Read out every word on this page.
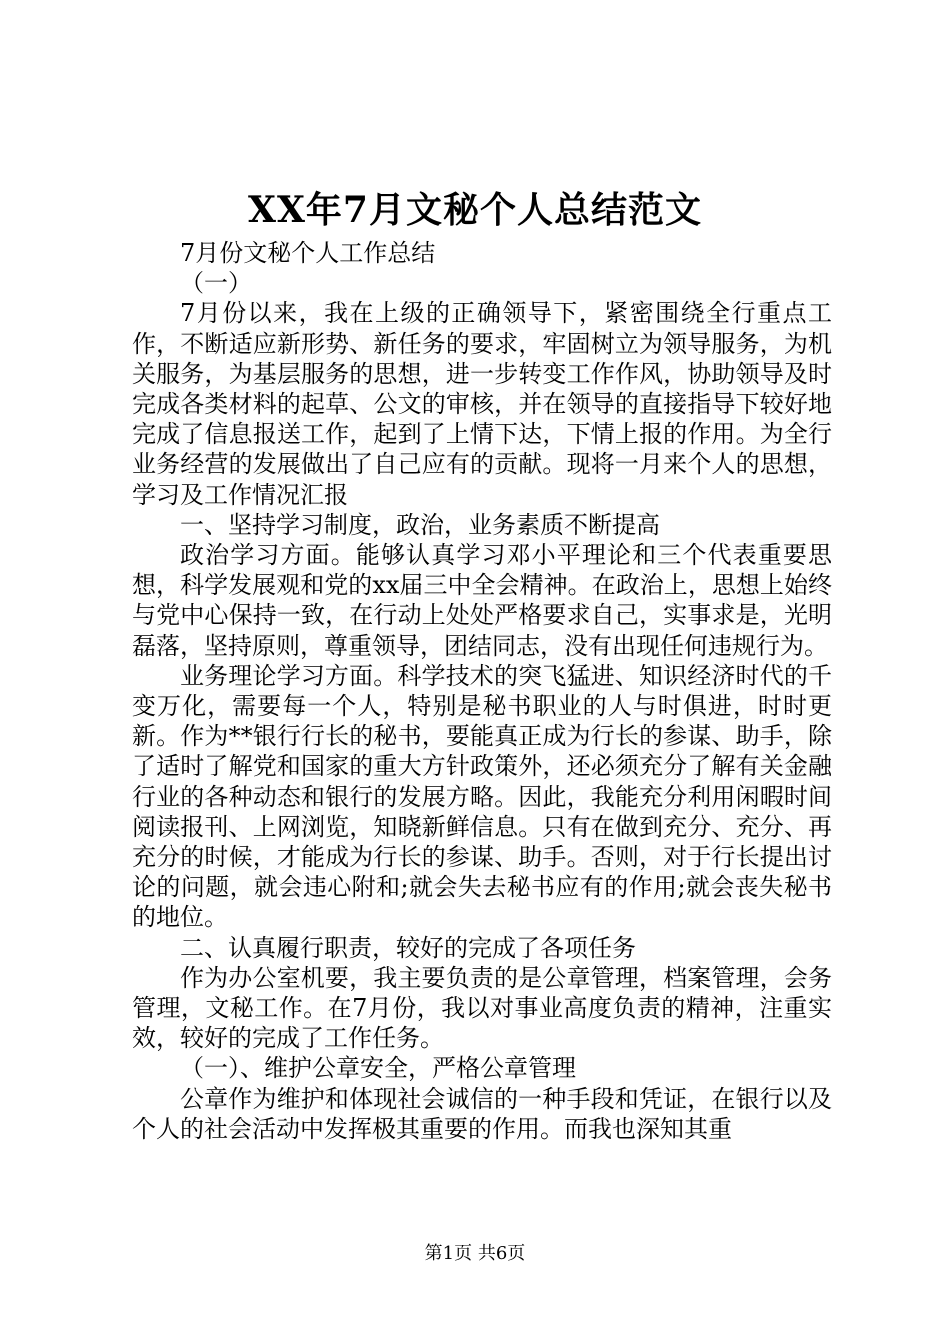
XX年7月文秘个人总结范文

7月份文秘个人工作总结

（一）

7月份以来，我在上级的正确领导下，紧密围绕全行重点工作，不断适应新形势、新任务的要求，牢固树立为领导服务，为机关服务，为基层服务的思想，进一步转变工作作风，协助领导及时完成各类材料的起草、公文的审核，并在领导的直接指导下较好地完成了信息报送工作，起到了上情下达，下情上报的作用。为全行业务经营的发展做出了自己应有的贡献。现将一月来个人的思想，学习及工作情况汇报

一、坚持学习制度，政治，业务素质不断提高

政治学习方面。能够认真学习邓小平理论和三个代表重要思想，科学发展观和党的xx届三中全会精神。在政治上，思想上始终与党中心保持一致，在行动上处处严格要求自己，实事求是，光明磊落，坚持原则，尊重领导，团结同志，没有出现任何违规行为。

业务理论学习方面。科学技术的突飞猛进、知识经济时代的千变万化，需要每一个人，特别是秘书职业的人与时俱进，时时更新。作为**银行行长的秘书，要能真正成为行长的参谋、助手，除了适时了解党和国家的重大方针政策外，还必须充分了解有关金融行业的各种动态和银行的发展方略。因此，我能充分利用闲暇时间阅读报刊、上网浏览，知晓新鲜信息。只有在做到充分、充分、再充分的时候，才能成为行长的参谋、助手。否则，对于行长提出讨论的问题，就会违心附和;就会失去秘书应有的作用;就会丧失秘书的地位。

二、认真履行职责，较好的完成了各项任务

作为办公室机要，我主要负责的是公章管理，档案管理，会务管理，文秘工作。在7月份，我以对事业高度负责的精神，注重实效，较好的完成了工作任务。

（一）、维护公章安全，严格公章管理

公章作为维护和体现社会诚信的一种手段和凭证，在银行以及个人的社会活动中发挥极其重要的作用。而我也深知其重

第1页 共6页
